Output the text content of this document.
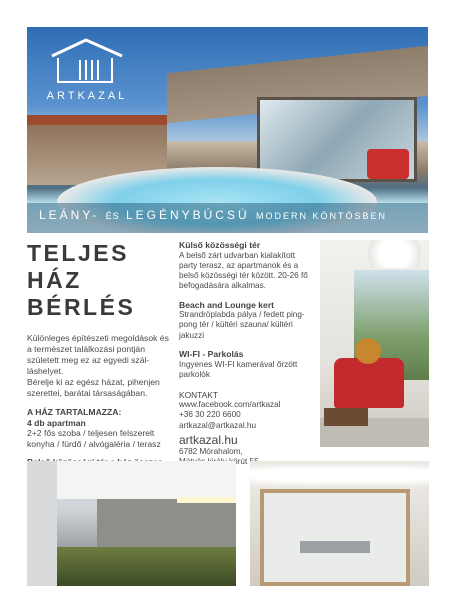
ARTKAZAL
LEÁNY- ÉS LEGÉNYBÚCSÚ MODERN KÖNTÖSBEN
TELJES HÁZ
BÉRLÉS

Különleges építészeti megoldások és a természet találkozási pontján született meg ez az egyedi szál-láshelyet.

Bérelje ki az egész házat, pihenjen szerettei, barátai társaságában.

A HÁZ TARTALMAZZA:
4 db apartman
2+2 fős szoba / teljesen felszerelt konyha / fürdő / alvógaléria / terasz
Külső közösségi tér
A belső zárt udvarban kialakított party terasz, az apartmanok és a belső közösségi tér között. 20-26 fő befogadására alkalmas.
Beach and Lounge kert
Strandröplabda pálya / fedett ping-pong tér / kültéri szauna/ kültéri jakuzzi
WI-FI - Parkolás
Ingyenes WI-FI kamerával őrzött parkolók
KONTAKT
www.facebook.com/artkazal
+36 30 220 6600
artkazal@artkazal.hu
artkazal.hu
6782 Mórahalom,
körút
